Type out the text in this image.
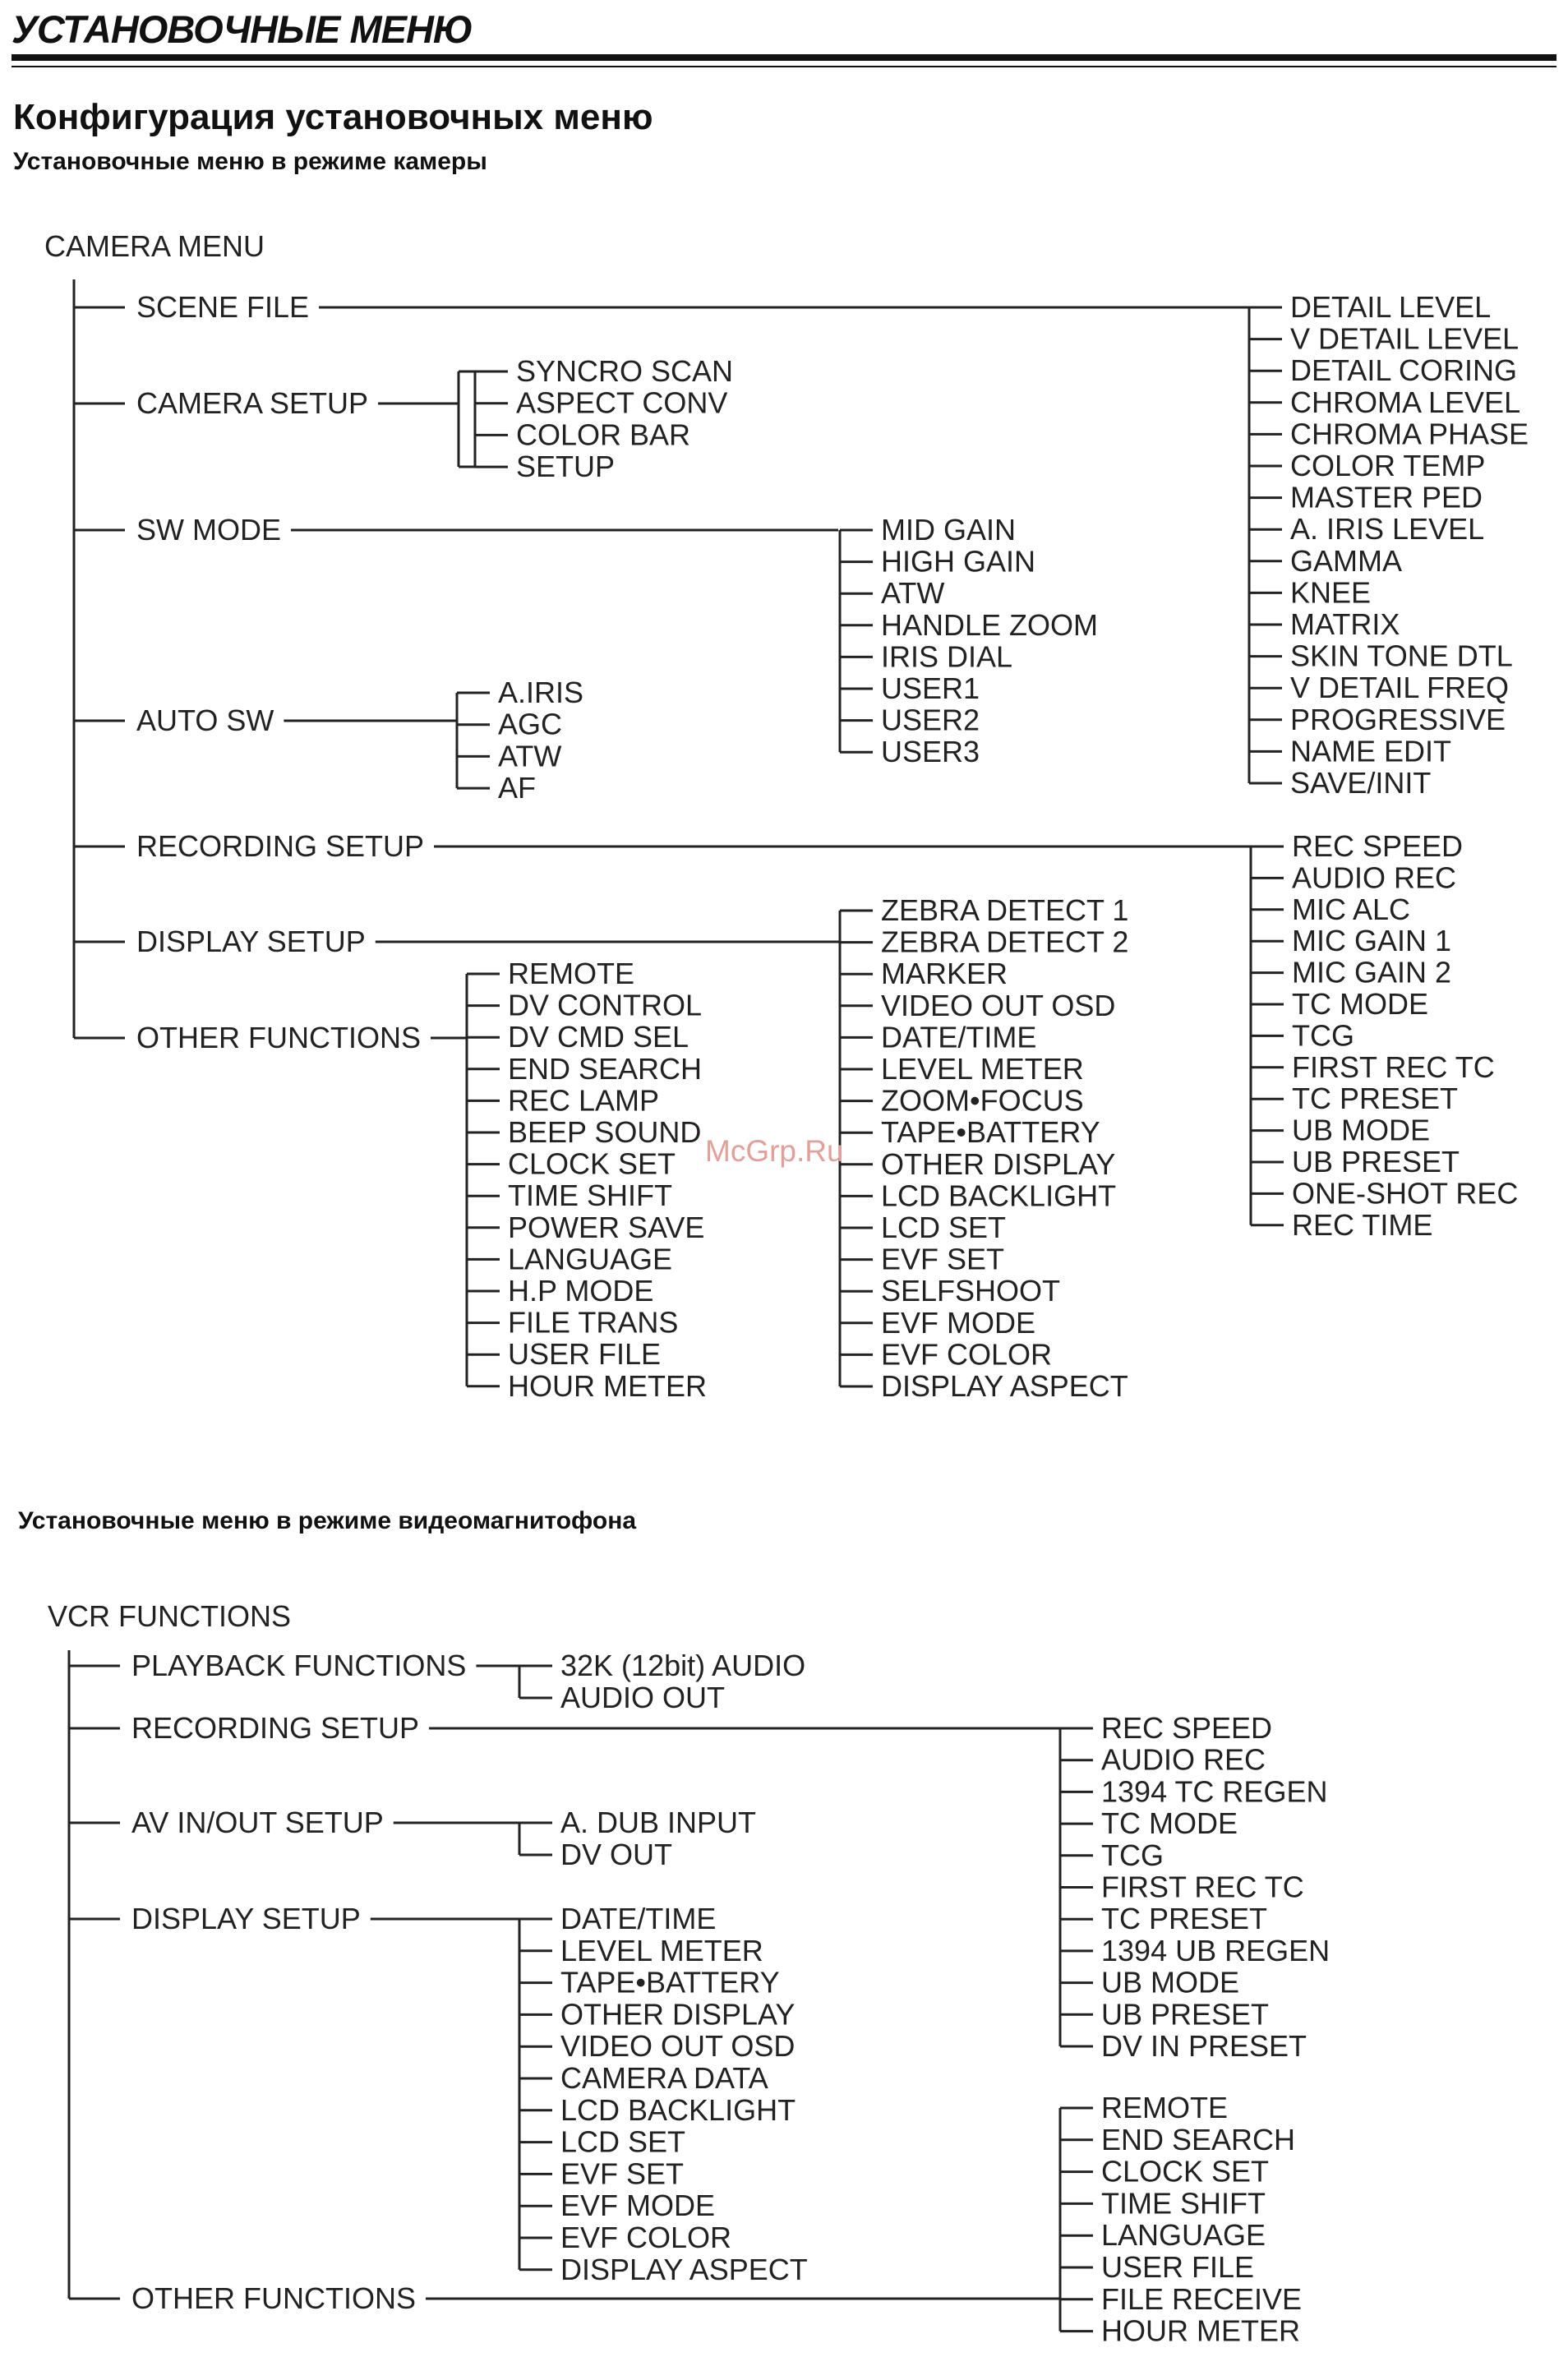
УСТАНОВОЧНЫЕ МЕНЮ
Конфигурация установочных меню
Установочные меню в режиме камеры
Установочные меню в режиме видеомагнитофона
CAMERA MENU
SCENE FILE
CAMERA SETUP
SW MODE
AUTO SW
RECORDING SETUP
DISPLAY SETUP
OTHER FUNCTIONS
DETAIL LEVEL
V DETAIL LEVEL
DETAIL CORING
CHROMA LEVEL
CHROMA PHASE
COLOR TEMP
MASTER PED
A. IRIS LEVEL
GAMMA
KNEE
MATRIX
SKIN TONE DTL
V DETAIL FREQ
PROGRESSIVE
NAME EDIT
SAVE/INIT
SYNCRO SCAN
ASPECT CONV
COLOR BAR
SETUP
MID GAIN
HIGH GAIN
ATW
HANDLE ZOOM
IRIS DIAL
USER1
USER2
USER3
A.IRIS
AGC
ATW
AF
REC SPEED
AUDIO REC
MIC ALC
MIC GAIN 1
MIC GAIN 2
TC MODE
TCG
FIRST REC TC
TC PRESET
UB MODE
UB PRESET
ONE-SHOT REC
REC TIME
ZEBRA DETECT 1
ZEBRA DETECT 2
MARKER
VIDEO OUT OSD
DATE/TIME
LEVEL METER
ZOOM•FOCUS
TAPE•BATTERY
OTHER DISPLAY
LCD BACKLIGHT
LCD SET
EVF SET
SELFSHOOT
EVF MODE
EVF COLOR
DISPLAY ASPECT
REMOTE
DV CONTROL
DV CMD SEL
END SEARCH
REC LAMP
BEEP SOUND
CLOCK SET
TIME SHIFT
POWER SAVE
LANGUAGE
H.P MODE
FILE TRANS
USER FILE
HOUR METER
VCR FUNCTIONS
PLAYBACK FUNCTIONS
RECORDING SETUP
AV IN/OUT SETUP
DISPLAY SETUP
OTHER FUNCTIONS
32K (12bit) AUDIO
AUDIO OUT
REC SPEED
AUDIO REC
1394 TC REGEN
TC MODE
TCG
FIRST REC TC
TC PRESET
1394 UB REGEN
UB MODE
UB PRESET
DV IN PRESET
A. DUB INPUT
DV OUT
DATE/TIME
LEVEL METER
TAPE•BATTERY
OTHER DISPLAY
VIDEO OUT OSD
CAMERA DATA
LCD BACKLIGHT
LCD SET
EVF SET
EVF MODE
EVF COLOR
DISPLAY ASPECT
REMOTE
END SEARCH
CLOCK SET
TIME SHIFT
LANGUAGE
USER FILE
FILE RECEIVE
HOUR METER
McGrp.Ru
